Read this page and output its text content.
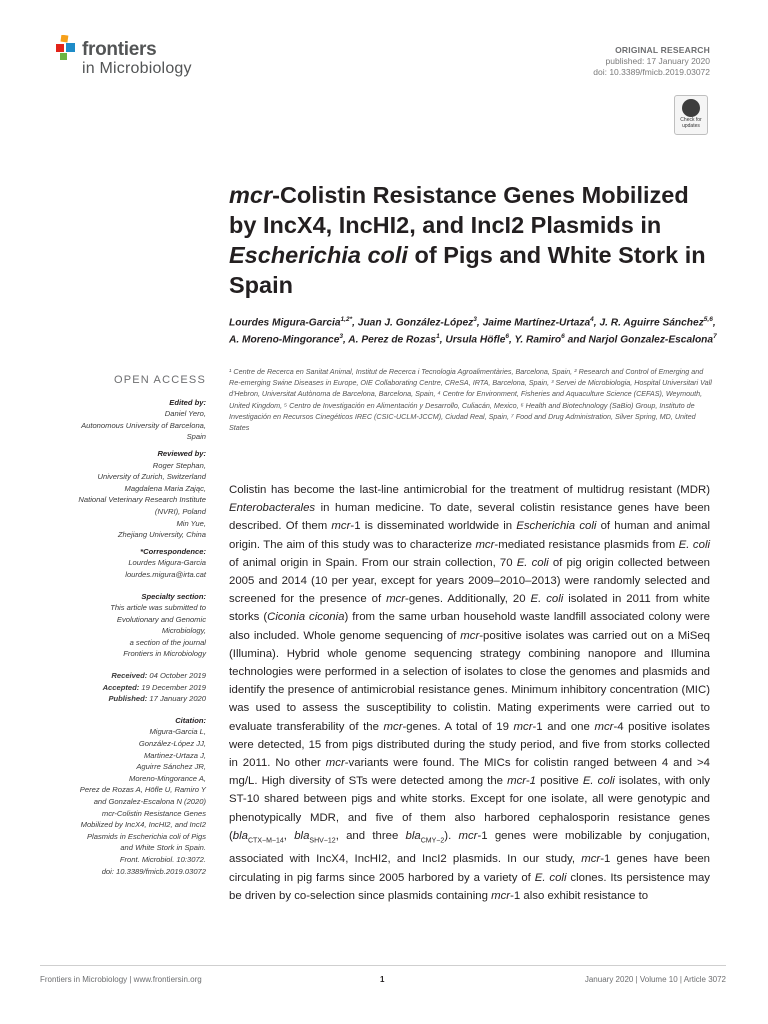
frontiers
in Microbiology
ORIGINAL RESEARCH
published: 17 January 2020
doi: 10.3389/fmicb.2019.03072
Check for updates
mcr-Colistin Resistance Genes Mobilized by IncX4, IncHI2, and IncI2 Plasmids in Escherichia coli of Pigs and White Stork in Spain
Lourdes Migura-Garcia$^{1,2*}$, Juan J. González-López$^3$, Jaime Martínez-Urtaza$^4$, J. R. Aguirre Sánchez$^{5,6}$, A. Moreno-Mingorance$^3$, A. Perez de Rozas$^1$, Ursula Höfle$^6$, Y. Ramiro$^6$ and Narjol Gonzalez-Escalona$^7$
¹ Centre de Recerca en Sanitat Animal, Institut de Recerca i Tecnologia Agroalimentàries, Barcelona, Spain, ² Research and Control of Emerging and Re-emerging Swine Diseases in Europe, OIE Collaborating Centre, CReSA, IRTA, Barcelona, Spain, ³ Servei de Microbiologia, Hospital Universitari Vall d'Hebron, Universitat Autònoma de Barcelona, Barcelona, Spain, ⁴ Centre for Environment, Fisheries and Aquaculture Science (CEFAS), Weymouth, United Kingdom, ⁵ Centro de Investigación en Alimentación y Desarrollo, Culiacán, Mexico, ⁶ Health and Biotechnology (SaBio) Group, Instituto de Investigación en Recursos Cinegéticos IREC (CSIC-UCLM-JCCM), Ciudad Real, Spain, ⁷ Food and Drug Administration, Silver Spring, MD, United States
OPEN ACCESS
Edited by:
Daniel Yero,
Autonomous University of Barcelona,
Spain
Reviewed by:
Roger Stephan,
University of Zurich, Switzerland
Magdalena Maria Zając,
National Veterinary Research Institute
(NVRI), Poland
Min Yue,
Zhejiang University, China
*Correspondence:
Lourdes Migura-Garcia
lourdes.migura@irta.cat
Specialty section:
This article was submitted to
Evolutionary and Genomic
Microbiology,
a section of the journal
Frontiers in Microbiology
Received: 04 October 2019
Accepted: 19 December 2019
Published: 17 January 2020
Citation:
Migura-Garcia L,
González-López JJ,
Martinez-Urtaza J,
Aguirre Sánchez JR,
Moreno-Mingorance A,
Perez de Rozas A, Höfle U, Ramiro Y
and Gonzalez-Escalona N (2020)
mcr-Colistin Resistance Genes
Mobilized by IncX4, IncHI2, and IncI2
Plasmids in Escherichia coli of Pigs
and White Stork in Spain.
Front. Microbiol. 10:3072.
doi: 10.3389/fmicb.2019.03072
Colistin has become the last-line antimicrobial for the treatment of multidrug resistant (MDR) Enterobacterales in human medicine. To date, several colistin resistance genes have been described. Of them mcr-1 is disseminated worldwide in Escherichia coli of human and animal origin. The aim of this study was to characterize mcr-mediated resistance plasmids from E. coli of animal origin in Spain. From our strain collection, 70 E. coli of pig origin collected between 2005 and 2014 (10 per year, except for years 2009–2010–2013) were randomly selected and screened for the presence of mcr-genes. Additionally, 20 E. coli isolated in 2011 from white storks (Ciconia ciconia) from the same urban household waste landfill associated colony were also included. Whole genome sequencing of mcr-positive isolates was carried out on a MiSeq (Illumina). Hybrid whole genome sequencing strategy combining nanopore and Illumina technologies were performed in a selection of isolates to close the genomes and plasmids and identify the presence of antimicrobial resistance genes. Minimum inhibitory concentration (MIC) was used to assess the susceptibility to colistin. Mating experiments were carried out to evaluate transferability of the mcr-genes. A total of 19 mcr-1 and one mcr-4 positive isolates were detected, 15 from pigs distributed during the study period, and five from storks collected in 2011. No other mcr-variants were found. The MICs for colistin ranged between 4 and >4 mg/L. High diversity of STs were detected among the mcr-1 positive E. coli isolates, with only ST-10 shared between pigs and white storks. Except for one isolate, all were genotypic and phenotypically MDR, and five of them also harbored cephalosporin resistance genes (bla$_{CTX-M-14}$, bla$_{SHV-12}$, and three bla$_{CMY-2}$). mcr-1 genes were mobilizable by conjugation, associated with IncX4, IncHI2, and IncI2 plasmids. In our study, mcr-1 genes have been circulating in pig farms since 2005 harbored by a variety of E. coli clones. Its persistence may be driven by co-selection since plasmids containing mcr-1 also exhibit resistance to
Frontiers in Microbiology | www.frontiersin.org	1	January 2020 | Volume 10 | Article 3072
